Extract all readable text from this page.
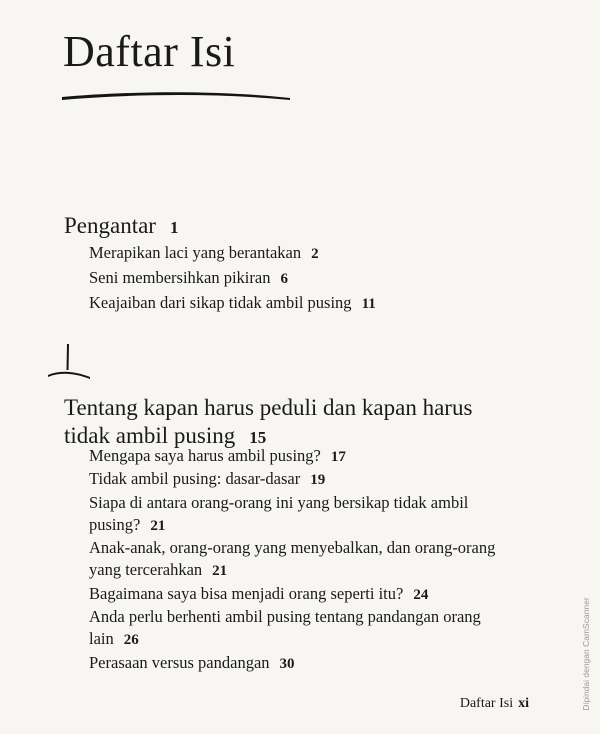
Daftar Isi
Pengantar 1
Merapikan laci yang berantakan 2
Seni membersihkan pikiran 6
Keajaiban dari sikap tidak ambil pusing 11
Tentang kapan harus peduli dan kapan harus
tidak ambil pusing 15
Mengapa saya harus ambil pusing? 17
Tidak ambil pusing: dasar-dasar 19
Siapa di antara orang-orang ini yang bersikap tidak ambil
pusing? 21
Anak-anak, orang-orang yang menyebalkan, dan orang-orang
yang tercerahkan 21
Bagaimana saya bisa menjadi orang seperti itu? 24
Anda perlu berhenti ambil pusing tentang pandangan orang
lain 26
Perasaan versus pandangan 30
Daftar Isi xi	Dipindai dengan CamScanner
